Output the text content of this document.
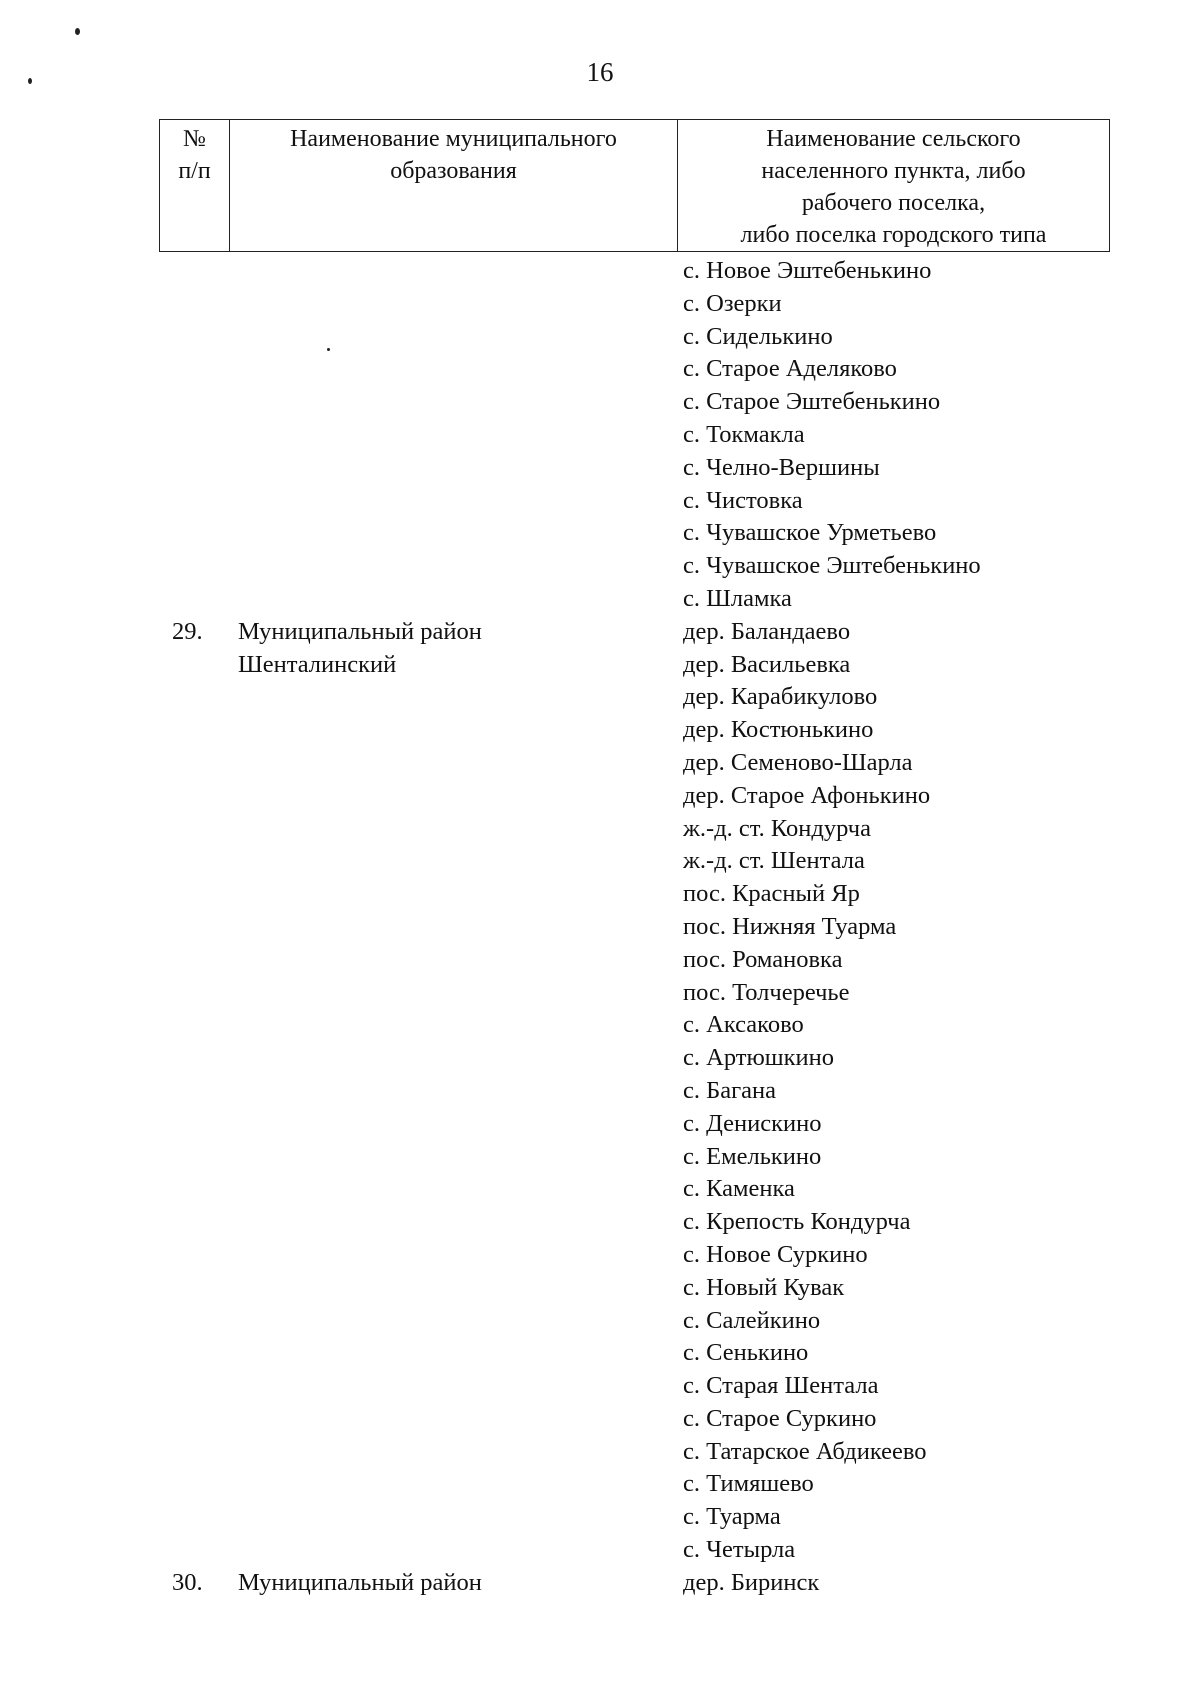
16
№
п/п
Наименование муниципального
образования
Наименование сельского
населенного пункта, либо
рабочего поселка,
либо поселка городского типа
29. Муниципальный район
Шенталинский
30. Муниципальный район
с. Новое Эштебенькино
с. Озерки
с. Сиделькино
с. Старое Аделяково
с. Старое Эштебенькино
с. Токмакла
с. Челно-Вершины
с. Чистовка
с. Чувашское Урметьево
с. Чувашское Эштебенькино
с. Шламка
дер. Баландаево
дер. Васильевка
дер. Карабикулово
дер. Костюнькино
дер. Семеново-Шарла
дер. Старое Афонькино
ж.-д. ст. Кондурча
ж.-д. ст. Шентала
пос. Красный Яр
пос. Нижняя Туарма
пос. Романовка
пос. Толчеречье
с. Аксаково
с. Артюшкино
с. Багана
с. Денискино
с. Емелькино
с. Каменка
с. Крепость Кондурча
с. Новое Суркино
с. Новый Кувак
с. Салейкино
с. Сенькино
с. Старая Шентала
с. Старое Суркино
с. Татарское Абдикеево
с. Тимяшево
с. Туарма
с. Четырла
дер. Биринск
